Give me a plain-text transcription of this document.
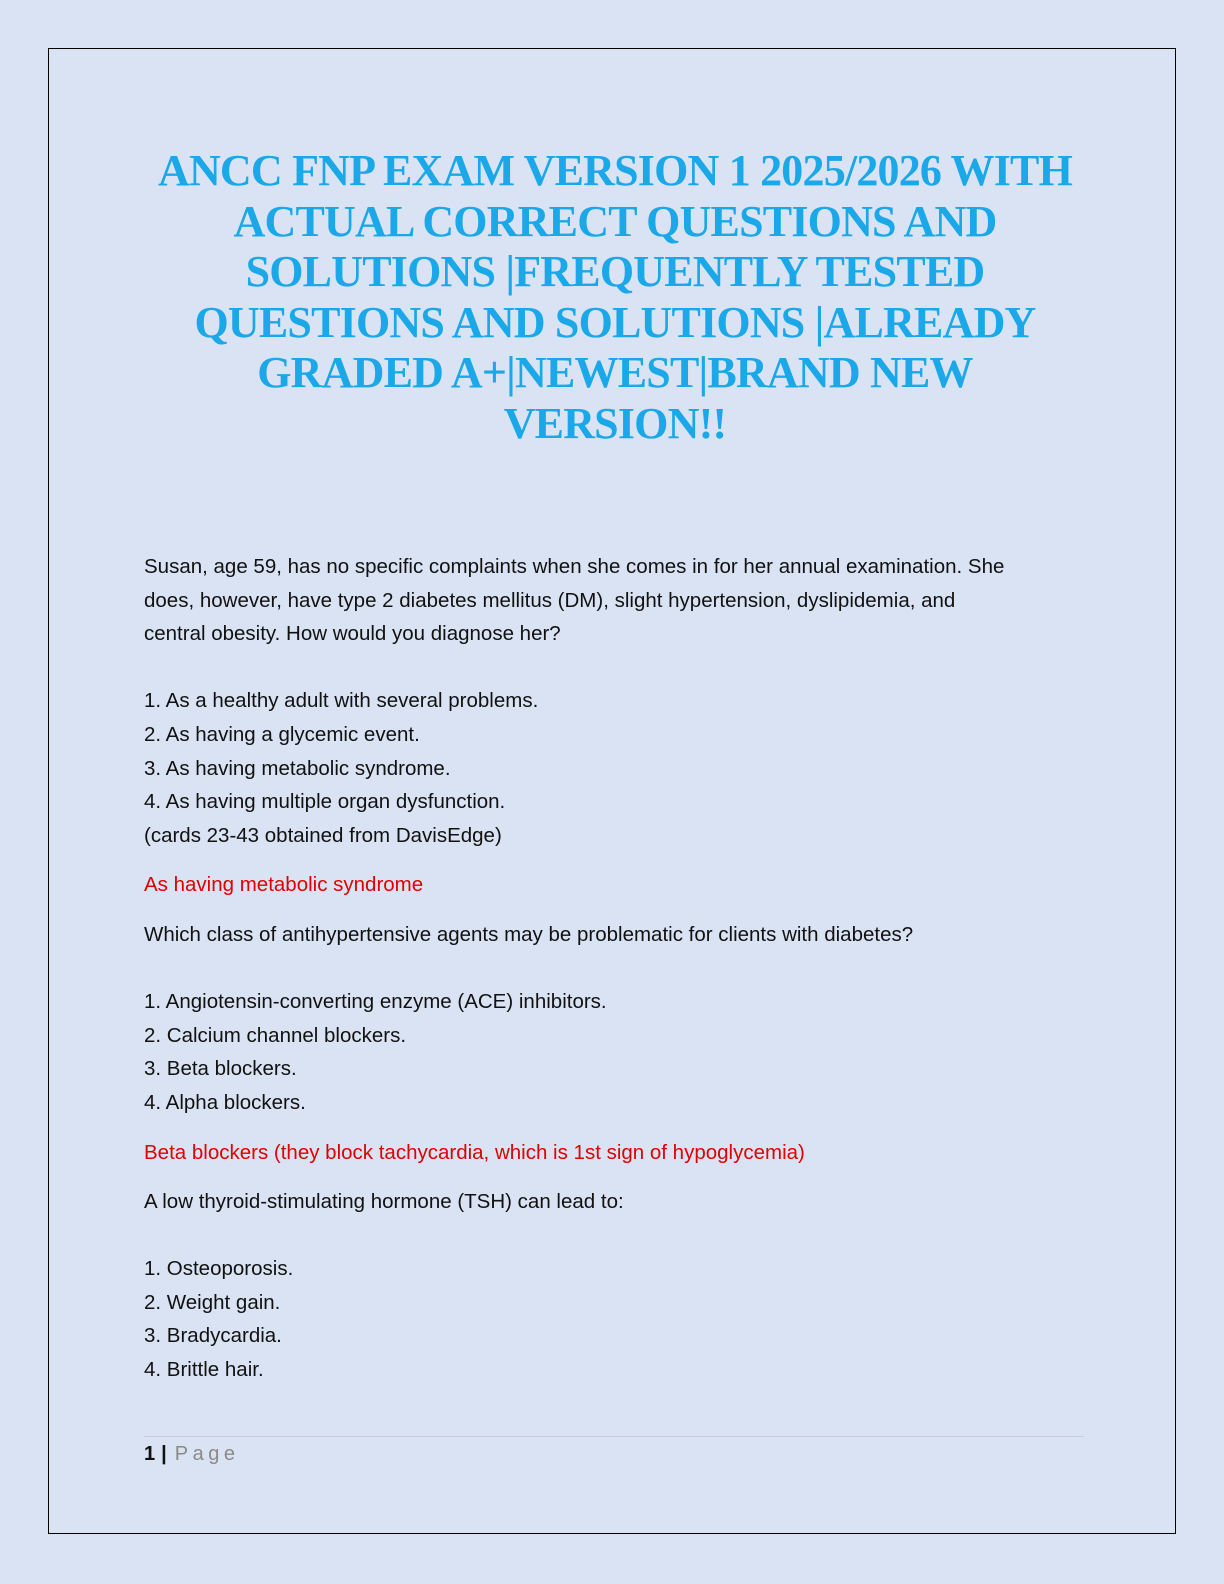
ANCC FNP EXAM VERSION 1 2025/2026 WITH
ACTUAL CORRECT QUESTIONS AND
SOLUTIONS |FREQUENTLY TESTED
QUESTIONS AND SOLUTIONS |ALREADY
GRADED A+|NEWEST|BRAND NEW
VERSION!!

Susan, age 59, has no specific complaints when she comes in for her annual examination. She

does, however, have type 2 diabetes mellitus (DM), slight hypertension, dyslipidemia, and

central obesity. How would you diagnose her?

1. As a healthy adult with several problems.

2. As having a glycemic event.

3. As having metabolic syndrome.

4. As having multiple organ dysfunction.

(cards 23-43 obtained from DavisEdge)

As having metabolic syndrome

Which class of antihypertensive agents may be problematic for clients with diabetes?

1. Angiotensin-converting enzyme (ACE) inhibitors.

2. Calcium channel blockers.

3. Beta blockers.

4. Alpha blockers.

Beta blockers (they block tachycardia, which is 1st sign of hypoglycemia)

A low thyroid-stimulating hormone (TSH) can lead to:

1. Osteoporosis.

2. Weight gain.

3. Bradycardia.

4. Brittle hair.

1 | Page
